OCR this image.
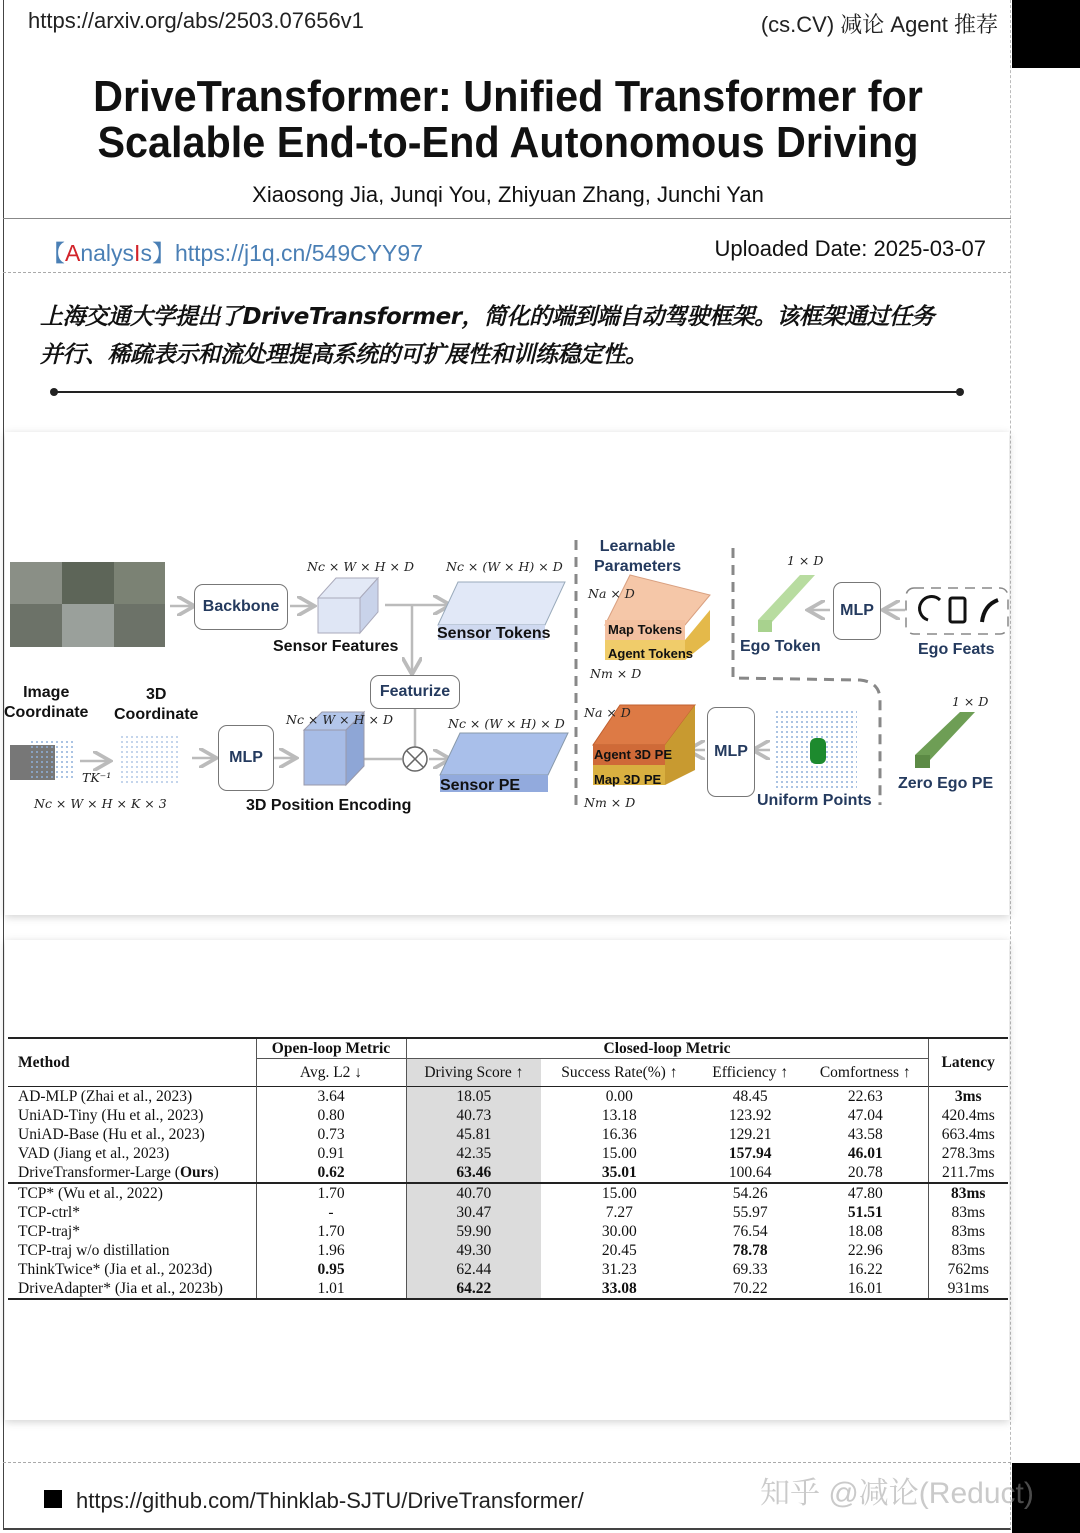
https://arxiv.org/abs/2503.07656v1	(cs.CV) 减论 Agent 推荐
DriveTransformer: Unified Transformer for
Scalable End-to-End Autonomous Driving
Xiaosong Jia, Junqi You, Zhiyuan Zhang, Junchi Yan
【AnalysIs】https://j1q.cn/549CYY97	Uploaded Date: 2025-03-07
上海交通大学提出了DriveTransformer，简化的端到端自动驾驶框架。该框架通过任务
并行、稀疏表示和流处理提高系统的可扩展性和训练稳定性。
Backbone
Sensor Features
Sensor Tokens
Nc × W × H × D	Nc × (W × H) × D
Featurize
Image
Coordinate
3D
Coordinate
TK⁻¹
Nc × W × H × K × 3
MLP
Nc × W × H × D	Nc × (W × H) × D
3D Position Encoding
Sensor PE
Learnable
Parameters
Na × D
Map Tokens
Agent Tokens
Nm × D
Na × D
Agent 3D PE
Map 3D PE
Nm × D
1 × D
MLP
Ego Token	Ego Feats
MLP
Uniform Points
1 × D
Zero Ego PE
Method	Open-loop Metric	Closed-loop Metric				Latency
	Avg. L2 ↓	Driving Score ↑	Success Rate(%) ↑	Efficiency ↑	Comfortness ↑	
AD-MLP (Zhai et al., 2023)	3.64	18.05	0.00	48.45	22.63	3ms
UniAD-Tiny (Hu et al., 2023)	0.80	40.73	13.18	123.92	47.04	420.4ms
UniAD-Base (Hu et al., 2023)	0.73	45.81	16.36	129.21	43.58	663.4ms
VAD (Jiang et al., 2023)	0.91	42.35	15.00	157.94	46.01	278.3ms
DriveTransformer-Large (Ours)	0.62	63.46	35.01	100.64	20.78	211.7ms
TCP* (Wu et al., 2022)	1.70	40.70	15.00	54.26	47.80	83ms
TCP-ctrl*	-	30.47	7.27	55.97	51.51	83ms
TCP-traj*	1.70	59.90	30.00	76.54	18.08	83ms
TCP-traj w/o distillation	1.96	49.30	20.45	78.78	22.96	83ms
ThinkTwice* (Jia et al., 2023d)	0.95	62.44	31.23	69.33	16.22	762ms
DriveAdapter* (Jia et al., 2023b)	1.01	64.22	33.08	70.22	16.01	931ms
https://github.com/Thinklab-SJTU/DriveTransformer/	知乎 @减论(Reduct)
